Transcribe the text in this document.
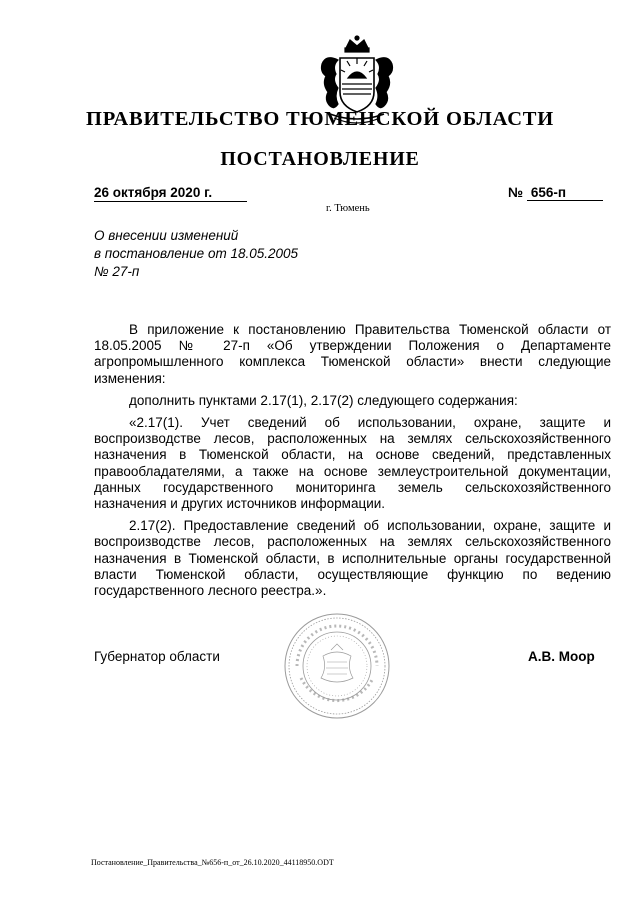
ПРАВИТЕЛЬСТВО ТЮМЕНСКОЙ ОБЛАСТИ
ПОСТАНОВЛЕНИЕ
26 октября 2020 г.	№ 656-п
г. Тюмень
О внесении изменений
в постановление от 18.05.2005
№ 27-п

В приложение к постановлению Правительства Тюменской области от 18.05.2005 № 27-п «Об утверждении Положения о Департаменте агропромышленного комплекса Тюменской области» внести следующие изменения:

дополнить пунктами 2.17(1), 2.17(2) следующего содержания:

«2.17(1). Учет сведений об использовании, охране, защите и воспроизводстве лесов, расположенных на землях сельскохозяйственного назначения в Тюменской области, на основе сведений, представленных правообладателями, а также на основе землеустроительной документации, данных государственного мониторинга земель сельскохозяйственного назначения и других источников информации.

2.17(2). Предоставление сведений об использовании, охране, защите и воспроизводстве лесов, расположенных на землях сельскохозяйственного назначения в Тюменской области, в исполнительные органы государственной власти Тюменской области, осуществляющие функцию по ведению государственного лесного реестра.».

Губернатор области	А.В. Моор
Постановление_Правительства_№656-п_от_26.10.2020_44118950.ODT
